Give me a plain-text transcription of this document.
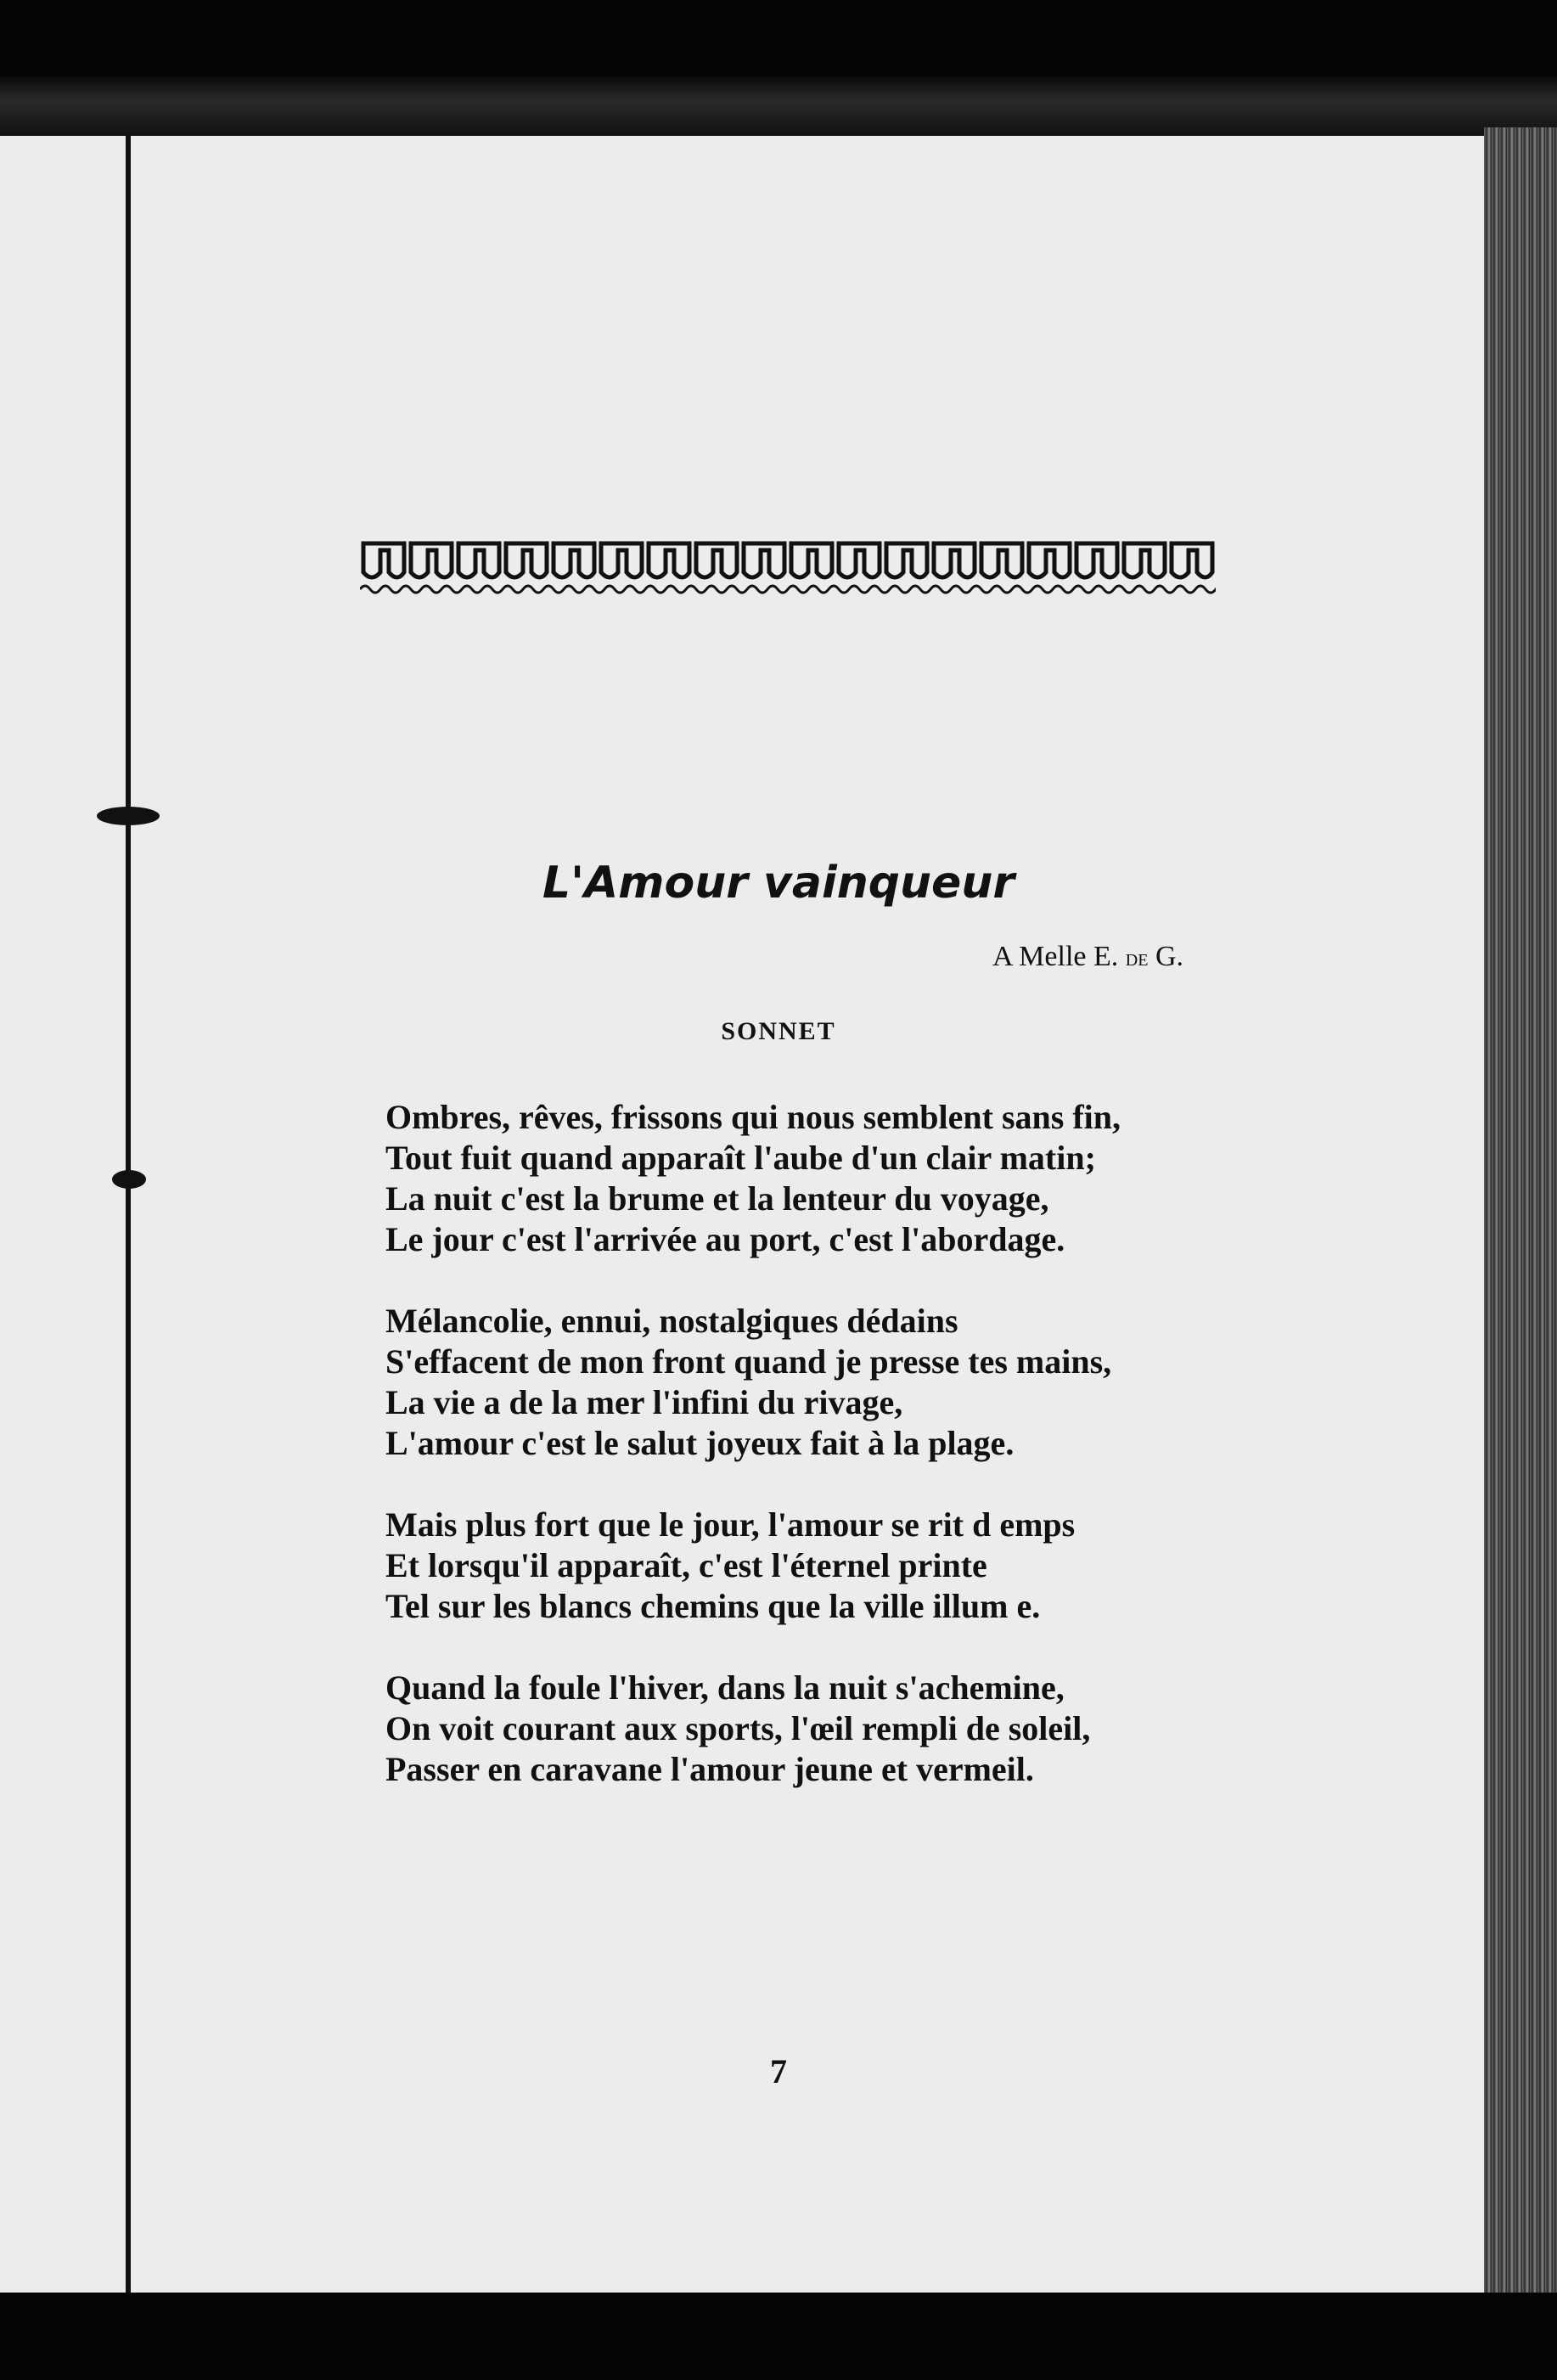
L'Amour vainqueur
A Melle E. de G.
SONNET
Ombres, rêves, frissons qui nous semblent sans fin,
Tout fuit quand apparaît l'aube d'un clair matin;
La nuit c'est la brume et la lenteur du voyage,
Le jour c'est l'arrivée au port, c'est l'abordage.
Mélancolie, ennui, nostalgiques dédains
S'effacent de mon front quand je presse tes mains,
La vie a de la mer l'infini du rivage,
L'amour c'est le salut joyeux fait à la plage.
Mais plus fort que le jour, l'amour se rit d emps
Et lorsqu'il apparaît, c'est l'éternel printe
Tel sur les blancs chemins que la ville illum e.
Quand la foule l'hiver, dans la nuit s'achemine,
On voit courant aux sports, l'œil rempli de soleil,
Passer en caravane l'amour jeune et vermeil.
7
